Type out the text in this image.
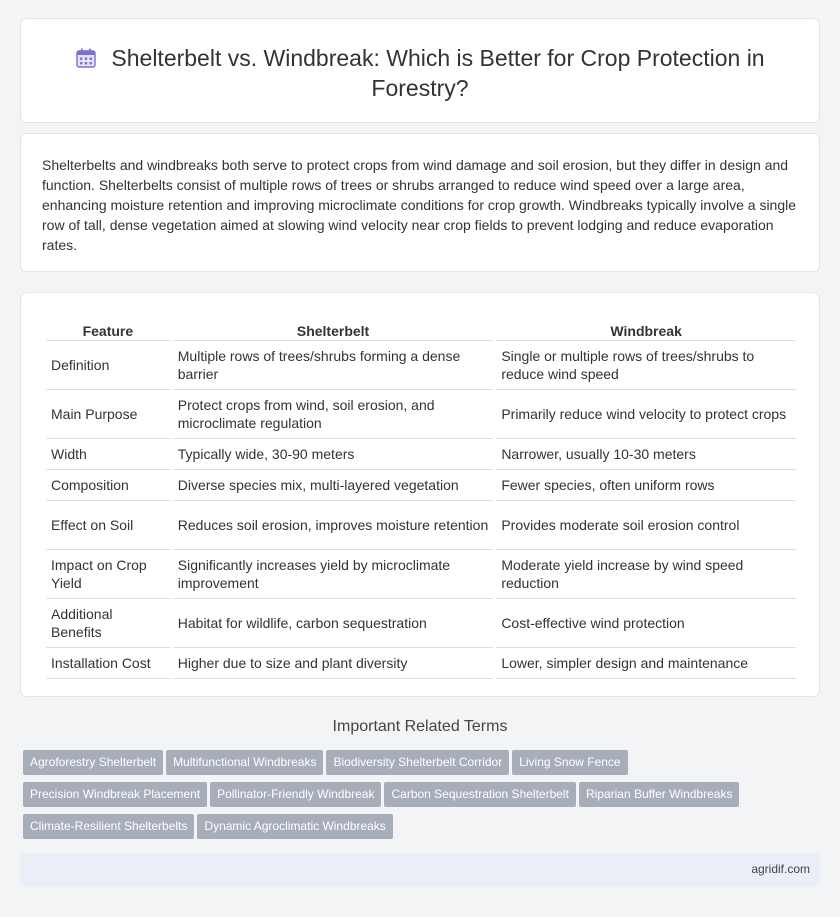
Shelterbelt vs. Windbreak: Which is Better for Crop Protection in Forestry?

Shelterbelts and windbreaks both serve to protect crops from wind damage and soil erosion, but they differ in design and function. Shelterbelts consist of multiple rows of trees or shrubs arranged to reduce wind speed over a large area, enhancing moisture retention and improving microclimate conditions for crop growth. Windbreaks typically involve a single row of tall, dense vegetation aimed at slowing wind velocity near crop fields to prevent lodging and reduce evaporation rates.

Feature	Shelterbelt	Windbreak
Definition	Multiple rows of trees/shrubs forming a dense barrier	Single or multiple rows of trees/shrubs to reduce wind speed
Main Purpose	Protect crops from wind, soil erosion, and microclimate regulation	Primarily reduce wind velocity to protect crops
Width	Typically wide, 30-90 meters	Narrower, usually 10-30 meters
Composition	Diverse species mix, multi-layered vegetation	Fewer species, often uniform rows
Effect on Soil	Reduces soil erosion, improves moisture retention	Provides moderate soil erosion control
Impact on Crop Yield	Significantly increases yield by microclimate improvement	Moderate yield increase by wind speed reduction
Additional Benefits	Habitat for wildlife, carbon sequestration	Cost-effective wind protection
Installation Cost	Higher due to size and plant diversity	Lower, simpler design and maintenance
Important Related Terms
Agroforestry Shelterbelt Multifunctional Windbreaks Biodiversity Shelterbelt Corridor Living Snow Fence
Precision Windbreak Placement Pollinator-Friendly Windbreak Carbon Sequestration Shelterbelt Riparian Buffer Windbreaks
Climate-Resilient Shelterbelts Dynamic Agroclimatic Windbreaks
agridif.com
